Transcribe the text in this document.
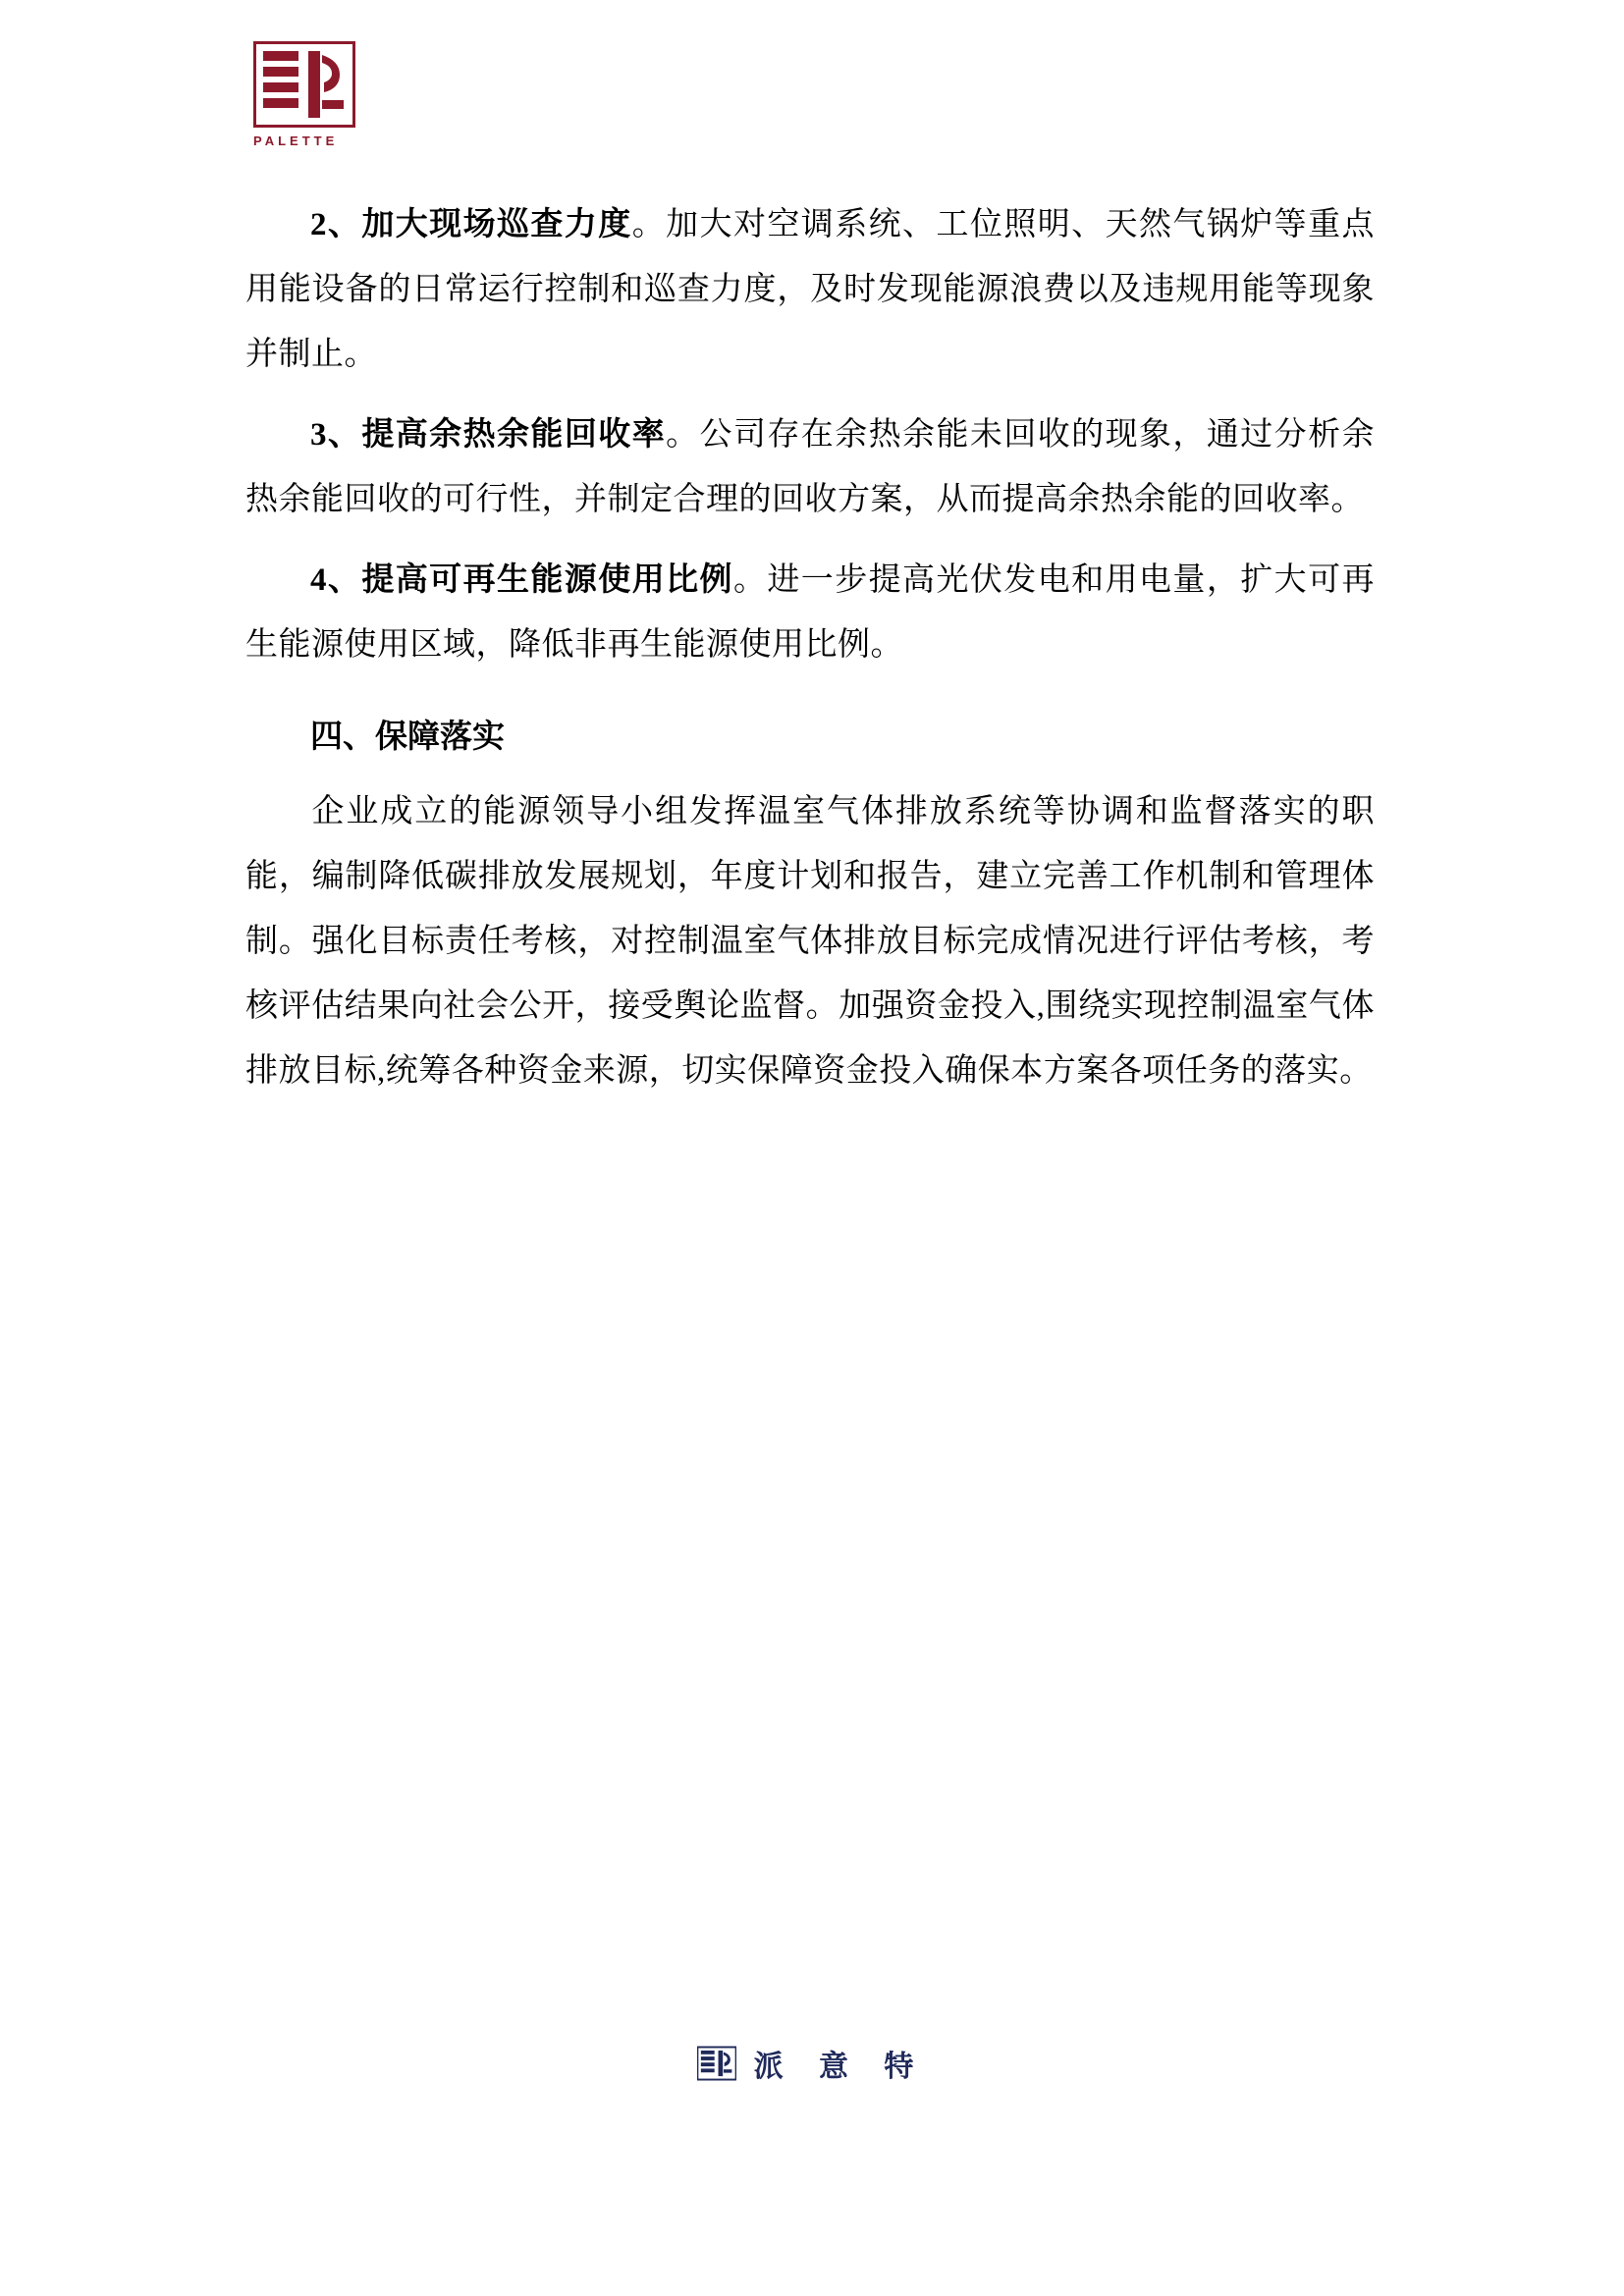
PALETTE

2、加大现场巡查力度。加大对空调系统、工位照明、天然气锅炉等重点用能设备的日常运行控制和巡查力度，及时发现能源浪费以及违规用能等现象并制止。

3、提高余热余能回收率。公司存在余热余能未回收的现象，通过分析余热余能回收的可行性，并制定合理的回收方案，从而提高余热余能的回收率。

4、提高可再生能源使用比例。进一步提高光伏发电和用电量，扩大可再生能源使用区域，降低非再生能源使用比例。

四、保障落实

企业成立的能源领导小组发挥温室气体排放系统等协调和监督落实的职能，编制降低碳排放发展规划，年度计划和报告，建立完善工作机制和管理体制。强化目标责任考核，对控制温室气体排放目标完成情况进行评估考核，考核评估结果向社会公开，接受舆论监督。加强资金投入,围绕实现控制温室气体排放目标,统筹各种资金来源，切实保障资金投入确保本方案各项任务的落实。

派 意 特
